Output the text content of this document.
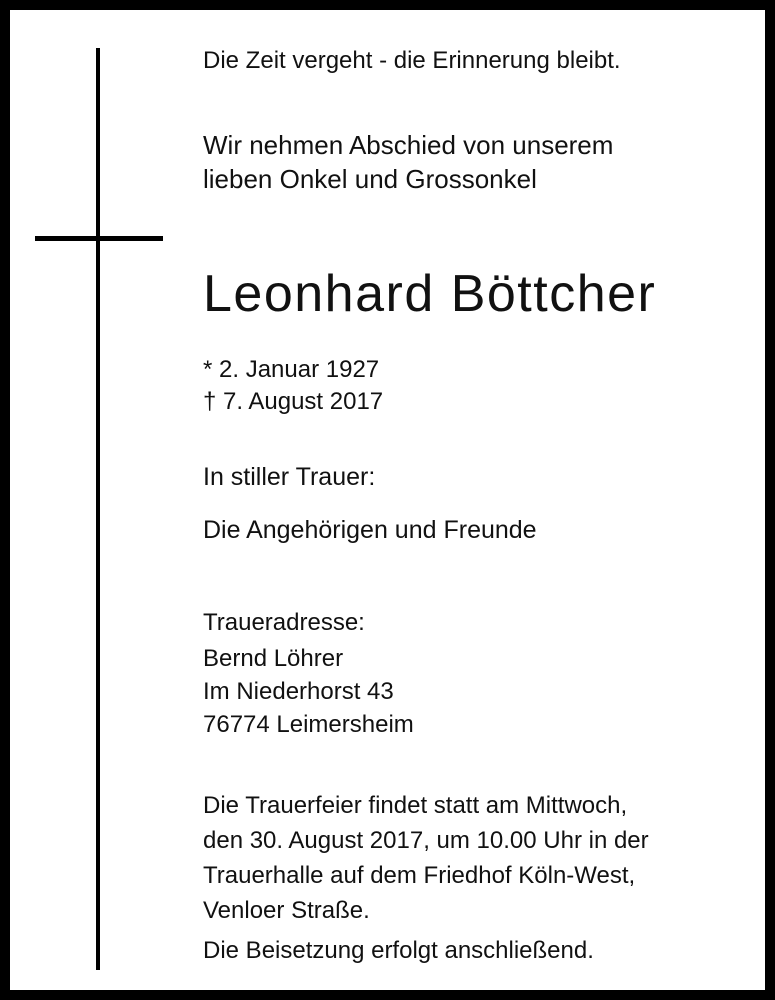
Die Zeit vergeht - die Erinnerung bleibt.

Wir nehmen Abschied von unserem

lieben Onkel und Grossonkel

Leonhard Böttcher

* 2. Januar 1927

† 7. August 2017

In stiller Trauer:

Die Angehörigen und Freunde

Traueradresse:

Bernd Löhrer

Im Niederhorst 43

76774 Leimersheim

Die Trauerfeier findet statt am Mittwoch,
den 30. August 2017, um 10.00 Uhr in der
Trauerhalle auf dem Friedhof Köln-West,
Venloer Straße.

Die Beisetzung erfolgt anschließend.
